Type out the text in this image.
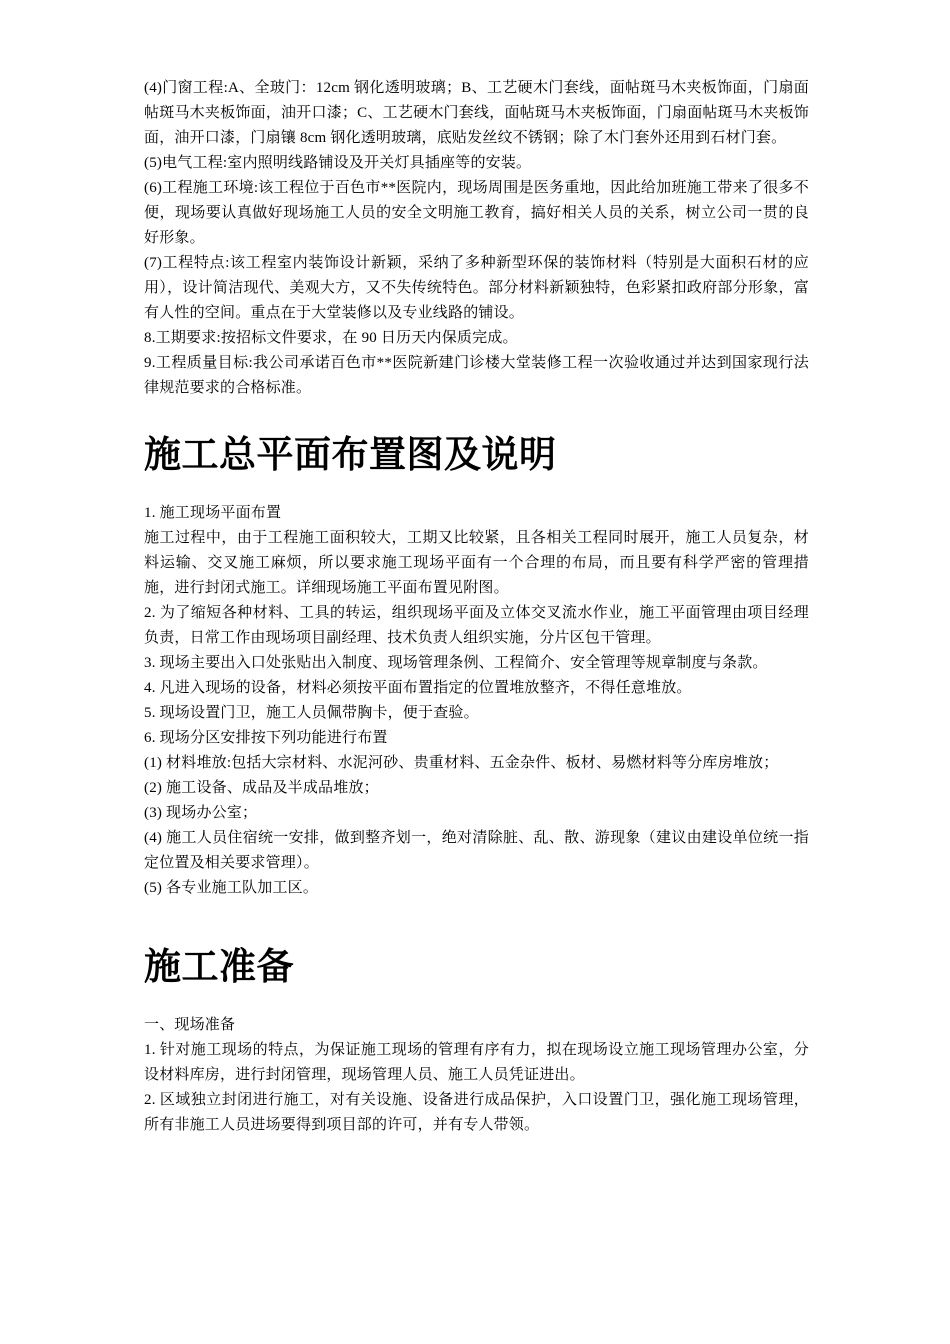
(4)门窗工程:A、全玻门：12cm 钢化透明玻璃；B、工艺硬木门套线，面帖斑马木夹板饰面，门扇面帖斑马木夹板饰面，油开口漆；C、工艺硬木门套线，面帖斑马木夹板饰面，门扇面帖斑马木夹板饰面，油开口漆，门扇镶 8cm 钢化透明玻璃，底贴发丝纹不锈钢；除了木门套外还用到石材门套。

(5)电气工程:室内照明线路铺设及开关灯具插座等的安装。

(6)工程施工环境:该工程位于百色市**医院内，现场周围是医务重地，因此给加班施工带来了很多不便，现场要认真做好现场施工人员的安全文明施工教育，搞好相关人员的关系，树立公司一贯的良好形象。

(7)工程特点:该工程室内装饰设计新颖，采纳了多种新型环保的装饰材料（特别是大面积石材的应用），设计简洁现代、美观大方，又不失传统特色。部分材料新颖独特，色彩紧扣政府部分形象，富有人性的空间。重点在于大堂装修以及专业线路的铺设。

8.工期要求:按招标文件要求，在 90 日历天内保质完成。

9.工程质量目标:我公司承诺百色市**医院新建门诊楼大堂装修工程一次验收通过并达到国家现行法律规范要求的合格标准。

施工总平面布置图及说明

1. 施工现场平面布置

施工过程中，由于工程施工面积较大，工期又比较紧，且各相关工程同时展开，施工人员复杂，材料运输、交叉施工麻烦，所以要求施工现场平面有一个合理的布局，而且要有科学严密的管理措施，进行封闭式施工。详细现场施工平面布置见附图。

2. 为了缩短各种材料、工具的转运，组织现场平面及立体交叉流水作业，施工平面管理由项目经理负责，日常工作由现场项目副经理、技术负责人组织实施，分片区包干管理。

3. 现场主要出入口处张贴出入制度、现场管理条例、工程简介、安全管理等规章制度与条款。

4. 凡进入现场的设备，材料必须按平面布置指定的位置堆放整齐，不得任意堆放。

5. 现场设置门卫，施工人员佩带胸卡，便于查验。

6. 现场分区安排按下列功能进行布置

(1) 材料堆放:包括大宗材料、水泥河砂、贵重材料、五金杂件、板材、易燃材料等分库房堆放；

(2) 施工设备、成品及半成品堆放；

(3) 现场办公室；

(4) 施工人员住宿统一安排，做到整齐划一，绝对清除脏、乱、散、游现象（建议由建设单位统一指定位置及相关要求管理）。

(5) 各专业施工队加工区。

施工准备

一、现场准备

1. 针对施工现场的特点，为保证施工现场的管理有序有力，拟在现场设立施工现场管理办公室，分设材料库房，进行封闭管理，现场管理人员、施工人员凭证进出。

2. 区域独立封闭进行施工，对有关设施、设备进行成品保护，入口设置门卫，强化施工现场管理，所有非施工人员进场要得到项目部的许可，并有专人带领。
